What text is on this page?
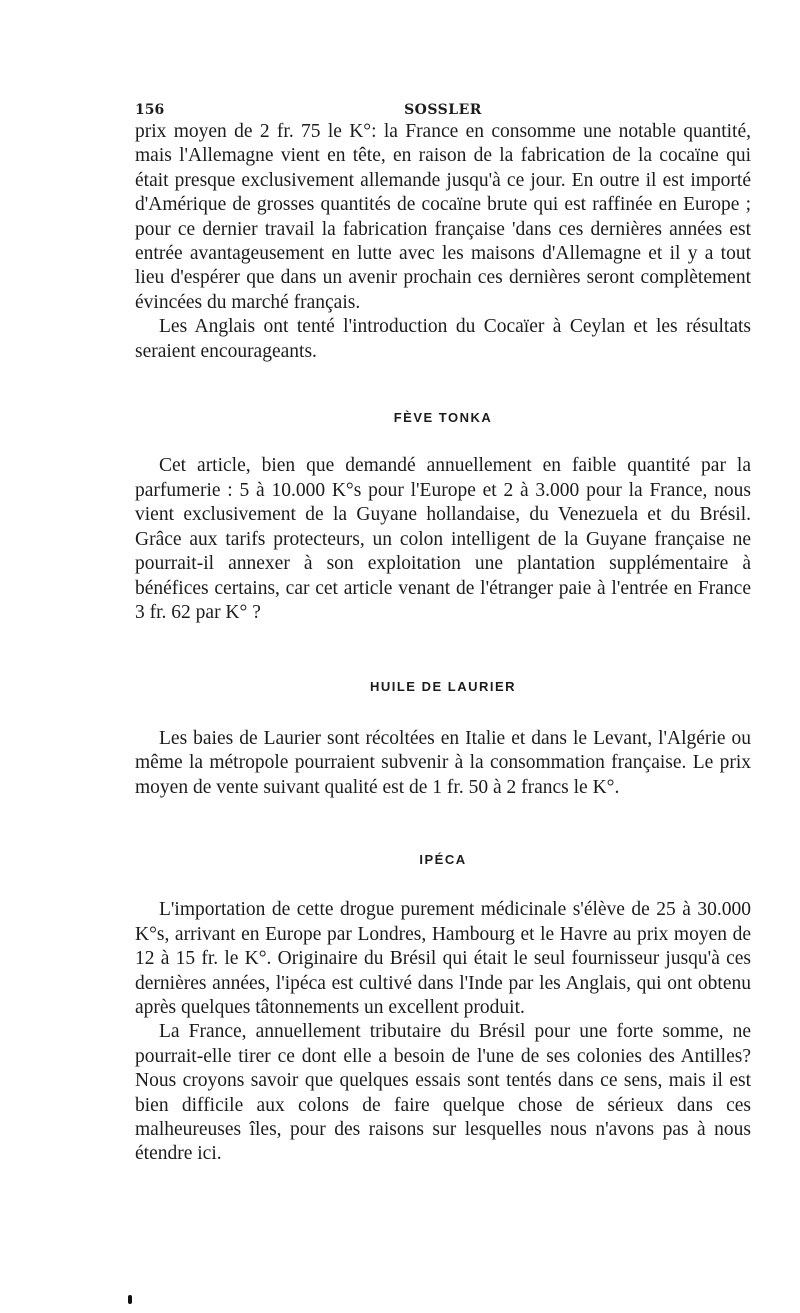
156	SOSSLER

prix moyen de 2 fr. 75 le K°: la France en consomme une notable quantité, mais l'Allemagne vient en tête, en raison de la fabrication de la cocaïne qui était presque exclusivement allemande jusqu'à ce jour. En outre il est importé d'Amérique de grosses quantités de cocaïne brute qui est raffinée en Europe ; pour ce dernier travail la fabrication française 'dans ces dernières années est entrée avantageusement en lutte avec les maisons d'Allemagne et il y a tout lieu d'espérer que dans un avenir prochain ces dernières seront complètement évincées du marché français.

Les Anglais ont tenté l'introduction du Cocaïer à Ceylan et les résultats seraient encourageants.

FÈVE TONKA

Cet article, bien que demandé annuellement en faible quantité par la parfumerie : 5 à 10.000 K°s pour l'Europe et 2 à 3.000 pour la France, nous vient exclusivement de la Guyane hollandaise, du Venezuela et du Brésil. Grâce aux tarifs protecteurs, un colon intelligent de la Guyane française ne pourrait-il annexer à son exploitation une plantation supplémentaire à bénéfices certains, car cet article venant de l'étranger paie à l'entrée en France 3 fr. 62 par K° ?

HUILE DE LAURIER

Les baies de Laurier sont récoltées en Italie et dans le Levant, l'Algérie ou même la métropole pourraient subvenir à la consommation française. Le prix moyen de vente suivant qualité est de 1 fr. 50 à 2 francs le K°.

IPÉCA

L'importation de cette drogue purement médicinale s'élève de 25 à 30.000 K°s, arrivant en Europe par Londres, Hambourg et le Havre au prix moyen de 12 à 15 fr. le K°. Originaire du Brésil qui était le seul fournisseur jusqu'à ces dernières années, l'ipéca est cultivé dans l'Inde par les Anglais, qui ont obtenu après quelques tâtonnements un excellent produit.

La France, annuellement tributaire du Brésil pour une forte somme, ne pourrait-elle tirer ce dont elle a besoin de l'une de ses colonies des Antilles? Nous croyons savoir que quelques essais sont tentés dans ce sens, mais il est bien difficile aux colons de faire quelque chose de sérieux dans ces malheureuses îles, pour des raisons sur lesquelles nous n'avons pas à nous étendre ici.
